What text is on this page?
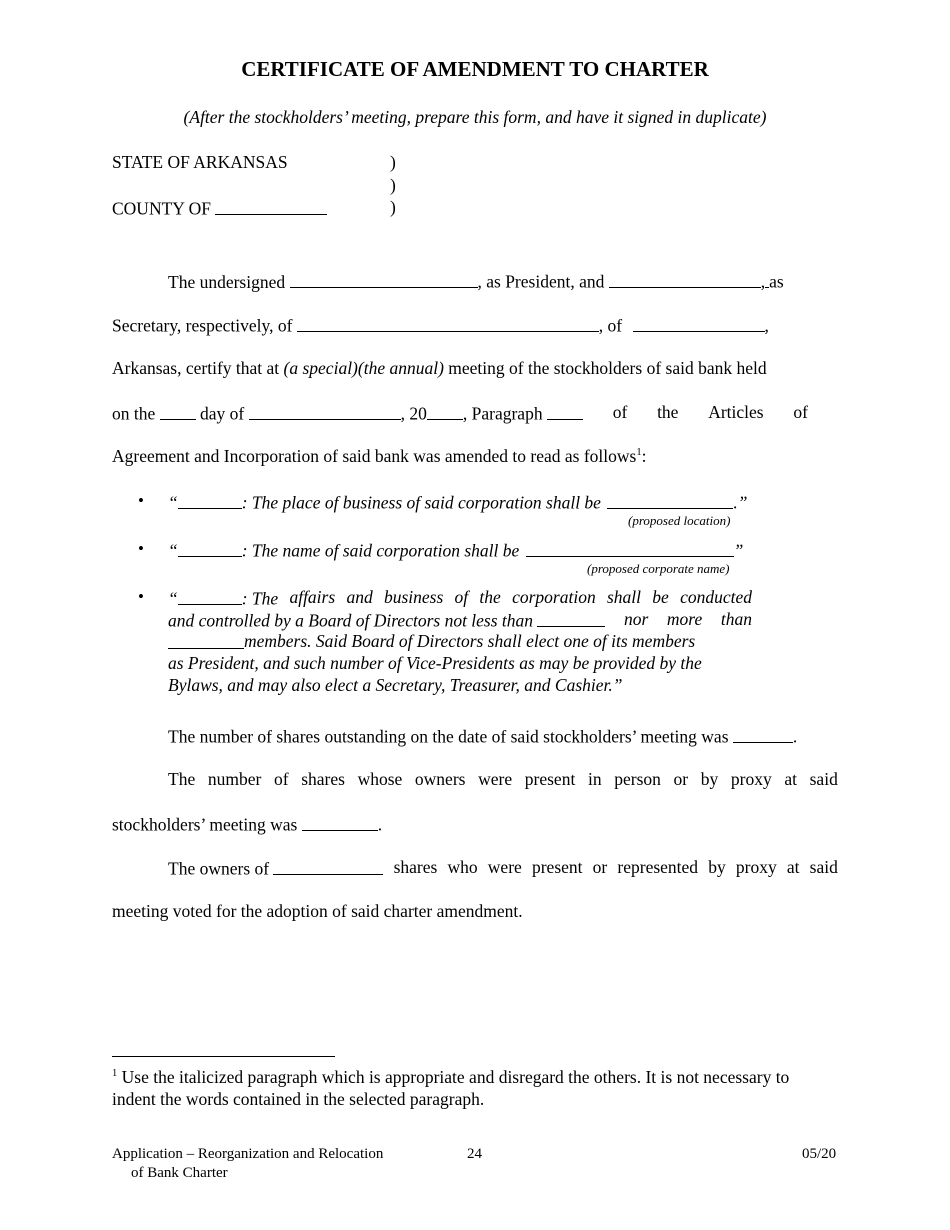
CERTIFICATE OF AMENDMENT TO CHARTER
(After the stockholders’ meeting, prepare this form, and have it signed in duplicate)
STATE OF ARKANSAS	)
)
COUNTY OF	)
The undersigned	, as President, and	, as
Secretary, respectively, of	, of	,
Arkansas, certify that at (a special)(the annual) meeting of the stockholders of said bank held
on the	day of	, 20 , Paragraph	of the Articles of
Agreement and Incorporation of said bank was amended to read as follows$^1$:
• “	: The place of business of said corporation shall be	.”
(proposed location)
• “	: The name of said corporation shall be	”
(proposed corporate name)
• “	: The affairs and business of the corporation shall be conducted
and controlled by a Board of Directors not less than	nor more than
members. Said Board of Directors shall elect one of its members
as President, and such number of Vice-Presidents as may be provided by the
Bylaws, and may also elect a Secretary, Treasurer, and Cashier.”
The number of shares outstanding on the date of said stockholders’ meeting was	.
The number of shares whose owners were present in person or by proxy at said
stockholders’ meeting was	.
The owners of	shares who were present or represented by proxy at said
meeting voted for the adoption of said charter amendment.
$^1$ Use the italicized paragraph which is appropriate and disregard the others. It is not necessary to
indent the words contained in the selected paragraph.
Application – Reorganization and Relocation
of Bank Charter
24	05/20
